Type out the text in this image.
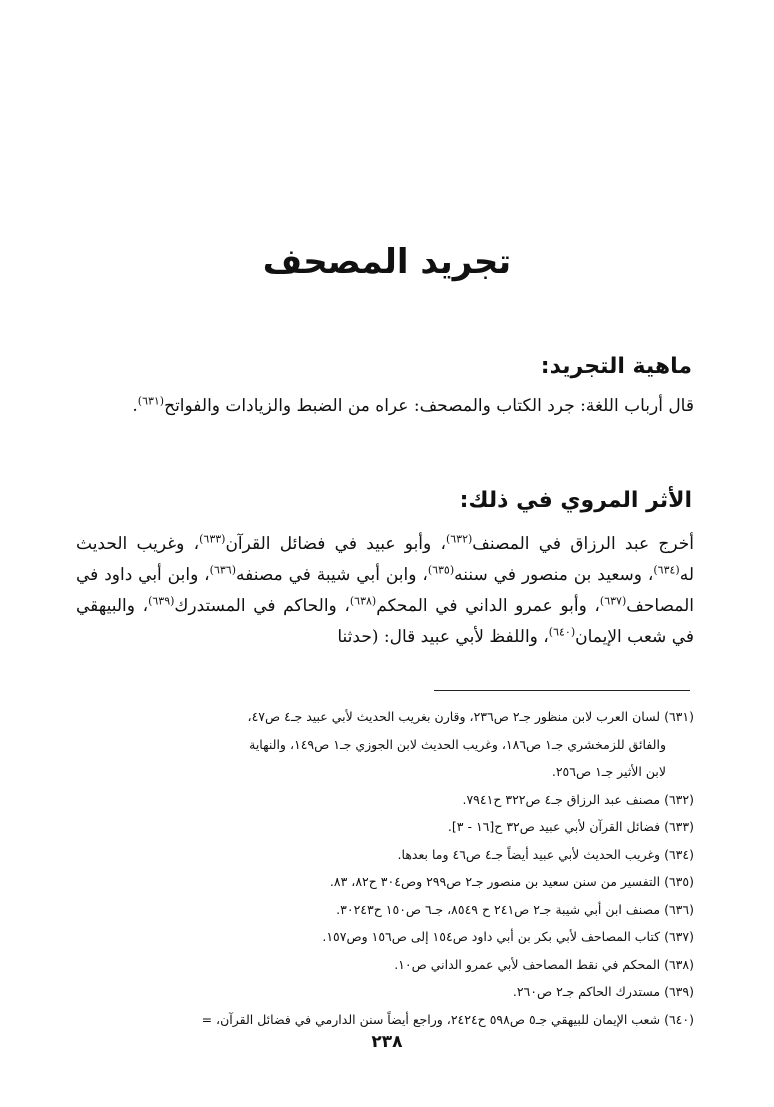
تجريد المصحف
ماهية التجريد:

قال أرباب اللغة: جرد الكتاب والمصحف: عراه من الضبط والزيادات والفواتح$^{(٦٣١)}$.

الأثر المروي في ذلك:

أخرج عبد الرزاق في المصنف$^{(٦٣٢)}$، وأبو عبيد في فضائل القرآن$^{(٦٣٣)}$، وغريب الحديث له$^{(٦٣٤)}$، وسعيد بن منصور في سننه$^{(٦٣٥)}$، وابن أبي شيبة في مصنفه$^{(٦٣٦)}$، وابن أبي داود في المصاحف$^{(٦٣٧)}$، وأبو عمرو الداني في المحكم$^{(٦٣٨)}$، والحاكم في المستدرك$^{(٦٣٩)}$، والبيهقي في شعب الإيمان$^{(٦٤٠)}$، واللفظ لأبي عبيد قال: (حدثنا

(٦٣١) لسان العرب لابن منظور جـ٢ ص٢٣٦، وقارن بغريب الحديث لأبي عبيد جـ٤ ص٤٧،
والفائق للزمخشري جـ١ ص١٨٦، وغريب الحديث لابن الجوزي جـ١ ص١٤٩، والنهاية
لابن الأثير جـ١ ص٢٥٦.
(٦٣٢) مصنف عبد الرزاق جـ٤ ص٣٢٢ ح٧٩٤١.
(٦٣٣) فضائل القرآن لأبي عبيد ص٣٢ ح[١٦ - ٣].
(٦٣٤) وغريب الحديث لأبي عبيد أيضاً جـ٤ ص٤٦ وما بعدها.
(٦٣٥) التفسير من سنن سعيد بن منصور جـ٢ ص٢٩٩ وص٣٠٤ ح٨٢، ٨٣.
(٦٣٦) مصنف ابن أبي شيبة جـ٢ ص٢٤١ ح ٨٥٤٩، جـ٦ ص١٥٠ ح٣٠٢٤٣.
(٦٣٧) كتاب المصاحف لأبي بكر بن أبي داود ص١٥٤ إلى ص١٥٦ وص١٥٧.
(٦٣٨) المحكم في نقط المصاحف لأبي عمرو الداني ص١٠.
(٦٣٩) مستدرك الحاكم جـ٢ ص٢٦٠.
(٦٤٠) شعب الإيمان للبيهقي جـ٥ ص٥٩٨ ح٢٤٢٤، وراجع أيضاً سنن الدارمي في فضائل القرآن، =
٢٣٨
